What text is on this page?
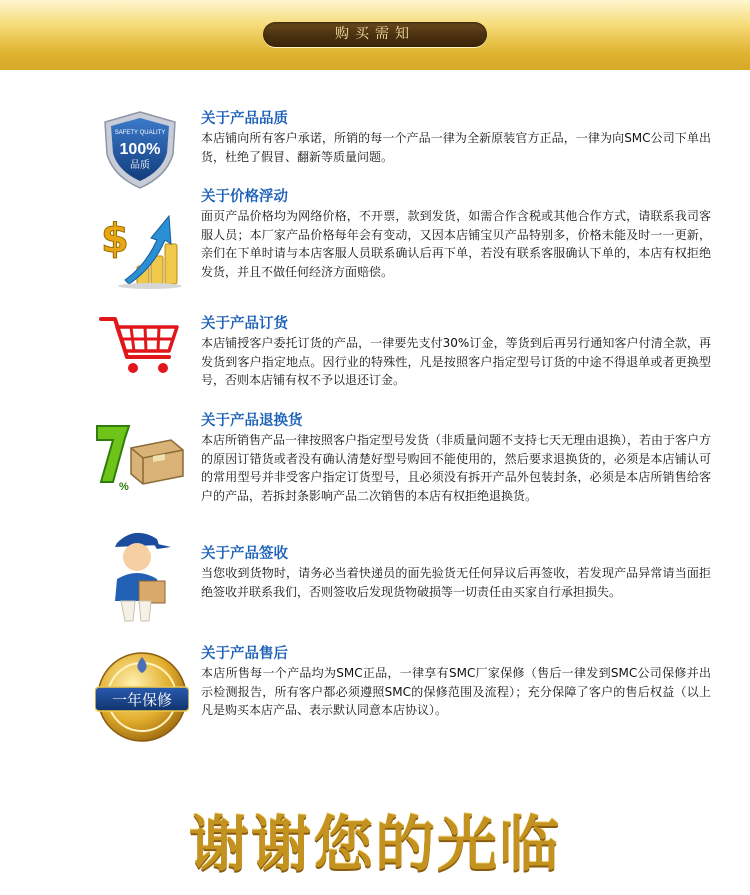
购买需知
SAFETY QUALITY
100%
品质

关于产品品质

本店铺向所有客户承诺，所销的每一个产品一律为全新原装官方正品，一律为向SMC公司下单出货，杜绝了假冒、翻新等质量问题。

$

关于价格浮动

面页产品价格均为网络价格，不开票，款到发货，如需合作含税或其他合作方式，请联系我司客服人员；本厂家产品价格每年会有变动，又因本店铺宝贝产品特别多，价格未能及时一一更新，亲们在下单时请与本店客服人员联系确认后再下单，若没有联系客服确认下单的，本店有权拒绝发货，并且不做任何经济方面赔偿。

关于产品订货

本店铺授客户委托订货的产品，一律要先支付30%订金，等货到后再另行通知客户付清全款，再发货到客户指定地点。因行业的特殊性，凡是按照客户指定型号订货的中途不得退单或者更换型号，否则本店铺有权不予以退还订金。

%

关于产品退换货

本店所销售产品一律按照客户指定型号发货（非质量问题不支持七天无理由退换），若由于客户方的原因订错货或者没有确认清楚好型号购回不能使用的，然后要求退换货的，必须是本店铺认可的常用型号并非受客户指定订货型号，且必须没有拆开产品外包装封条，必须是本店所销售给客户的产品，若拆封条影响产品二次销售的本店有权拒绝退换货。

关于产品签收

当您收到货物时，请务必当着快递员的面先验货无任何异议后再签收，若发现产品异常请当面拒绝签收并联系我们，否则签收后发现货物破损等一切责任由买家自行承担损失。

一年保修

关于产品售后

本店所售每一个产品均为SMC正品，一律享有SMC厂家保修（售后一律发到SMC公司保修并出示检测报告，所有客户都必须遵照SMC的保修范围及流程）；充分保障了客户的售后权益（以上凡是购买本店产品、表示默认同意本店协议）。

谢谢您的光临
